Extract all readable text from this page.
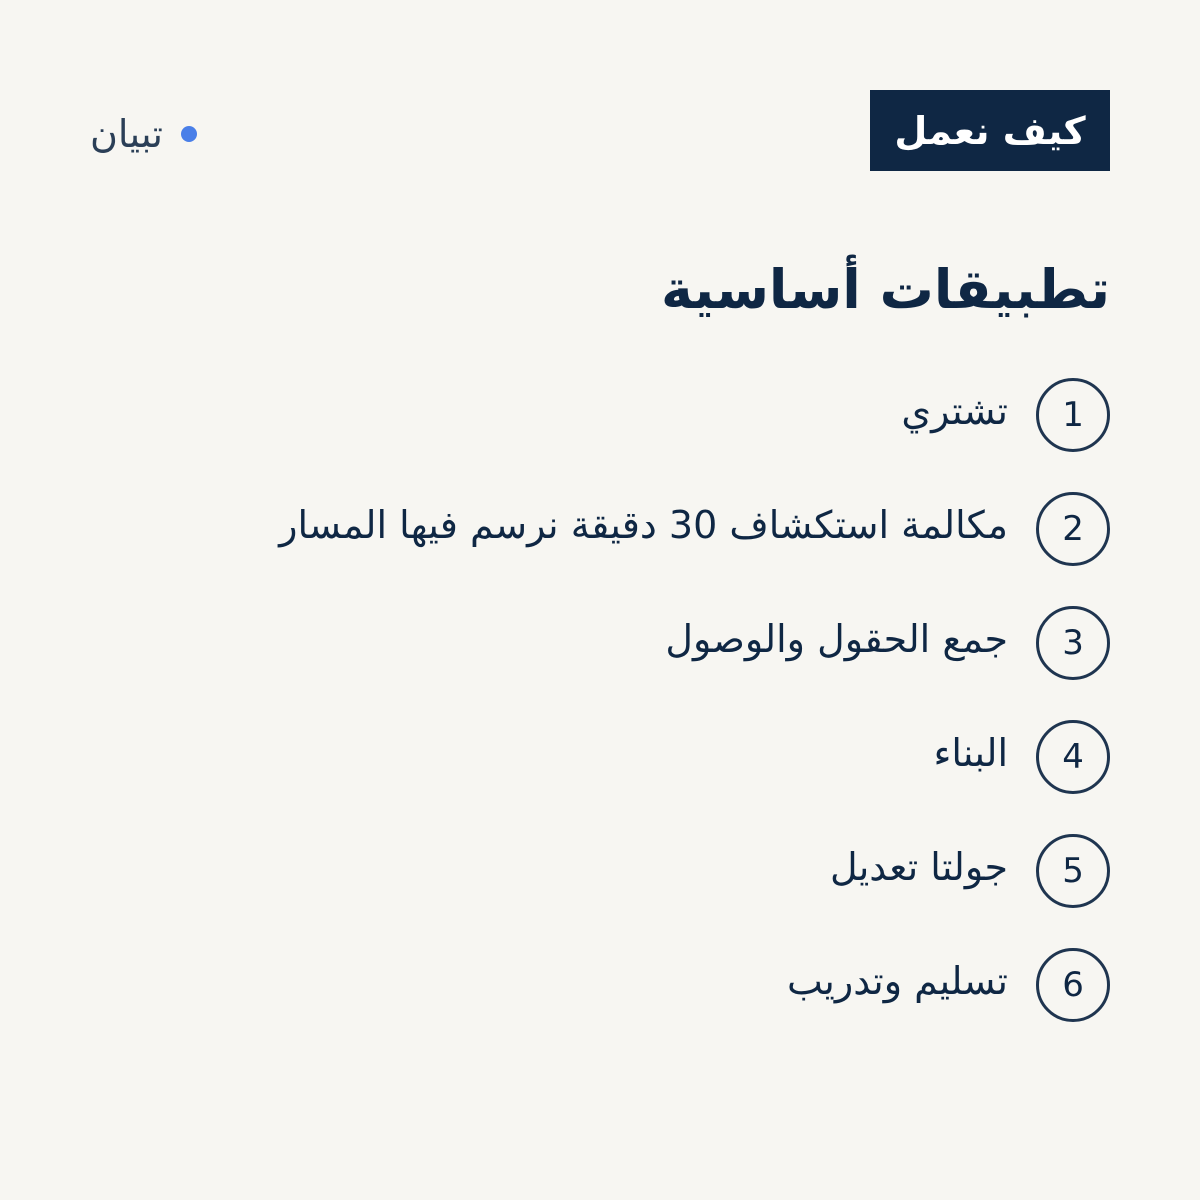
تبيان	كيف نعمل
تطبيقات أساسية
1
تشتري
2
مكالمة استكشاف 30 دقيقة نرسم فيها المسار
3
جمع الحقول والوصول
4
البناء
5
جولتا تعديل
6
تسليم وتدريب
